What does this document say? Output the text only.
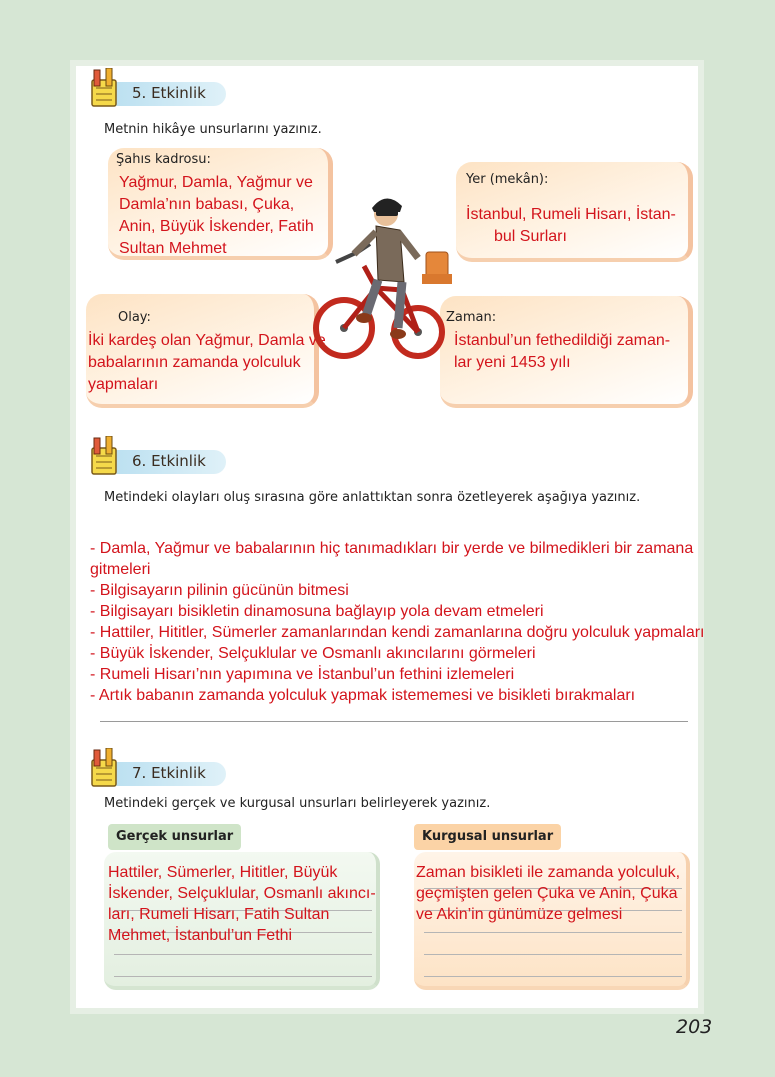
5. Etkinlik
Metnin hikâye unsurlarını yazınız.
Şahıs kadrosu:
Yağmur, Damla, Yağmur ve
Damla’nın babası, Çuka,
Anin, Büyük İskender, Fatih
Sultan Mehmet
Yer (mekân):
İstanbul, Rumeli Hisarı, İstan-
bul Surları
Olay:
İki kardeş olan Yağmur, Damla ve
babalarının zamanda yolculuk
yapmaları
Zaman:
İstanbul’un fethedildiği zaman-
lar yeni 1453 yılı
6. Etkinlik
Metindeki olayları oluş sırasına göre anlattıktan sonra özetleyerek aşağıya yazınız.
- Damla, Yağmur ve babalarının hiç tanımadıkları bir yerde ve bilmedikleri bir zamana
gitmeleri
- Bilgisayarın pilinin gücünün bitmesi
- Bilgisayarı bisikletin dinamosuna bağlayıp yola devam etmeleri
- Hattiler, Hititler, Sümerler zamanlarından kendi zamanlarına doğru yolculuk yapmaları
- Büyük İskender, Selçuklular ve Osmanlı akıncılarını görmeleri
- Rumeli Hisarı’nın yapımına ve İstanbul’un fethini izlemeleri
- Artık babanın zamanda yolculuk yapmak istememesi ve bisikleti bırakmaları
7. Etkinlik
Metindeki gerçek ve kurgusal unsurları belirleyerek yazınız.
Gerçek unsurlar
Hattiler, Sümerler, Hititler, Büyük
İskender, Selçuklular, Osmanlı akıncı-
ları, Rumeli Hisarı, Fatih Sultan
Mehmet, İstanbul’un Fethi
Kurgusal unsurlar
Zaman bisikleti ile zamanda yolculuk,
geçmişten gelen Çuka ve Anin, Çuka
ve Akin’in günümüze gelmesi
203
